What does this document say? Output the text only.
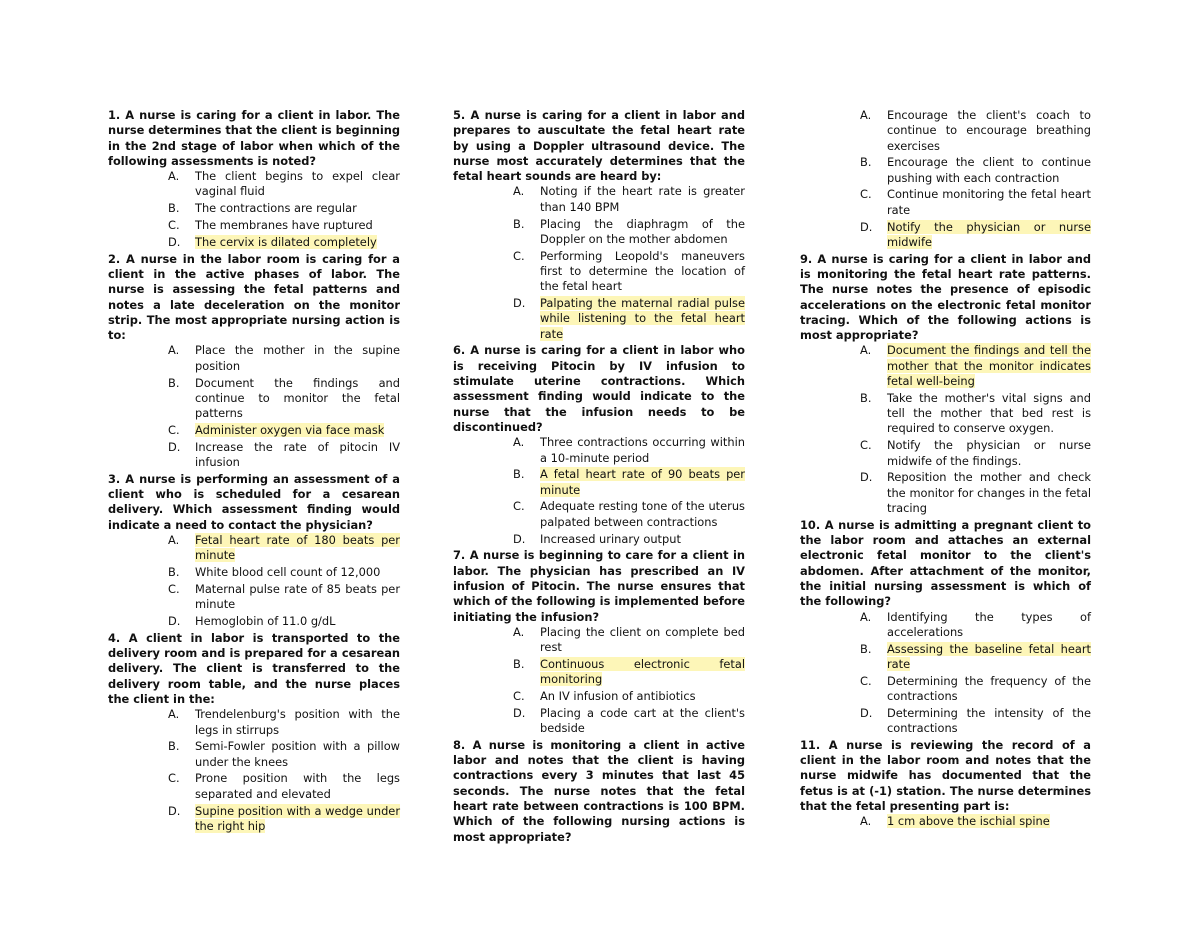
1. A nurse is caring for a client in labor. The nurse determines that the client is beginning in the 2nd stage of labor when which of the following assessments is noted?
A.	The client begins to expel clear vaginal fluid
B.	The contractions are regular
C.	The membranes have ruptured
D.	The cervix is dilated completely
2. A nurse in the labor room is caring for a client in the active phases of labor. The nurse is assessing the fetal patterns and notes a late deceleration on the monitor strip. The most appropriate nursing action is to:
A.	Place the mother in the supine position
B.	Document the findings and continue to monitor the fetal patterns
C.	Administer oxygen via face mask
D.	Increase the rate of pitocin IV infusion
3. A nurse is performing an assessment of a client who is scheduled for a cesarean delivery. Which assessment finding would indicate a need to contact the physician?
A.	Fetal heart rate of 180 beats per minute
B.	White blood cell count of 12,000
C.	Maternal pulse rate of 85 beats per minute
D.	Hemoglobin of 11.0 g/dL
4. A client in labor is transported to the delivery room and is prepared for a cesarean delivery. The client is transferred to the delivery room table, and the nurse places the client in the:
A.	Trendelenburg's position with the legs in stirrups
B.	Semi-Fowler position with a pillow under the knees
C.	Prone position with the legs separated and elevated
D.	Supine position with a wedge under the right hip
5. A nurse is caring for a client in labor and prepares to auscultate the fetal heart rate by using a Doppler ultrasound device. The nurse most accurately determines that the fetal heart sounds are heard by:
A.	Noting if the heart rate is greater than 140 BPM
B.	Placing the diaphragm of the Doppler on the mother abdomen
C.	Performing Leopold's maneuvers first to determine the location of the fetal heart
D.	Palpating the maternal radial pulse while listening to the fetal heart rate
6. A nurse is caring for a client in labor who is receiving Pitocin by IV infusion to stimulate uterine contractions. Which assessment finding would indicate to the nurse that the infusion needs to be discontinued?
A.	Three contractions occurring within a 10-minute period
B.	A fetal heart rate of 90 beats per minute
C.	Adequate resting tone of the uterus palpated between contractions
D.	Increased urinary output
7. A nurse is beginning to care for a client in labor. The physician has prescribed an IV infusion of Pitocin. The nurse ensures that which of the following is implemented before initiating the infusion?
A.	Placing the client on complete bed rest
B.	Continuous electronic fetal monitoring
C.	An IV infusion of antibiotics
D.	Placing a code cart at the client's bedside
8. A nurse is monitoring a client in active labor and notes that the client is having contractions every 3 minutes that last 45 seconds. The nurse notes that the fetal heart rate between contractions is 100 BPM. Which of the following nursing actions is most appropriate?
A.	Encourage the client's coach to continue to encourage breathing exercises
B.	Encourage the client to continue pushing with each contraction
C.	Continue monitoring the fetal heart rate
D.	Notify the physician or nurse midwife
9. A nurse is caring for a client in labor and is monitoring the fetal heart rate patterns. The nurse notes the presence of episodic accelerations on the electronic fetal monitor tracing. Which of the following actions is most appropriate?
A.	Document the findings and tell the mother that the monitor indicates fetal well-being
B.	Take the mother's vital signs and tell the mother that bed rest is required to conserve oxygen.
C.	Notify the physician or nurse midwife of the findings.
D.	Reposition the mother and check the monitor for changes in the fetal tracing
10. A nurse is admitting a pregnant client to the labor room and attaches an external electronic fetal monitor to the client's abdomen. After attachment of the monitor, the initial nursing assessment is which of the following?
A.	Identifying the types of accelerations
B.	Assessing the baseline fetal heart rate
C.	Determining the frequency of the contractions
D.	Determining the intensity of the contractions
11. A nurse is reviewing the record of a client in the labor room and notes that the nurse midwife has documented that the fetus is at (-1) station. The nurse determines that the fetal presenting part is:
A.	1 cm above the ischial spine
